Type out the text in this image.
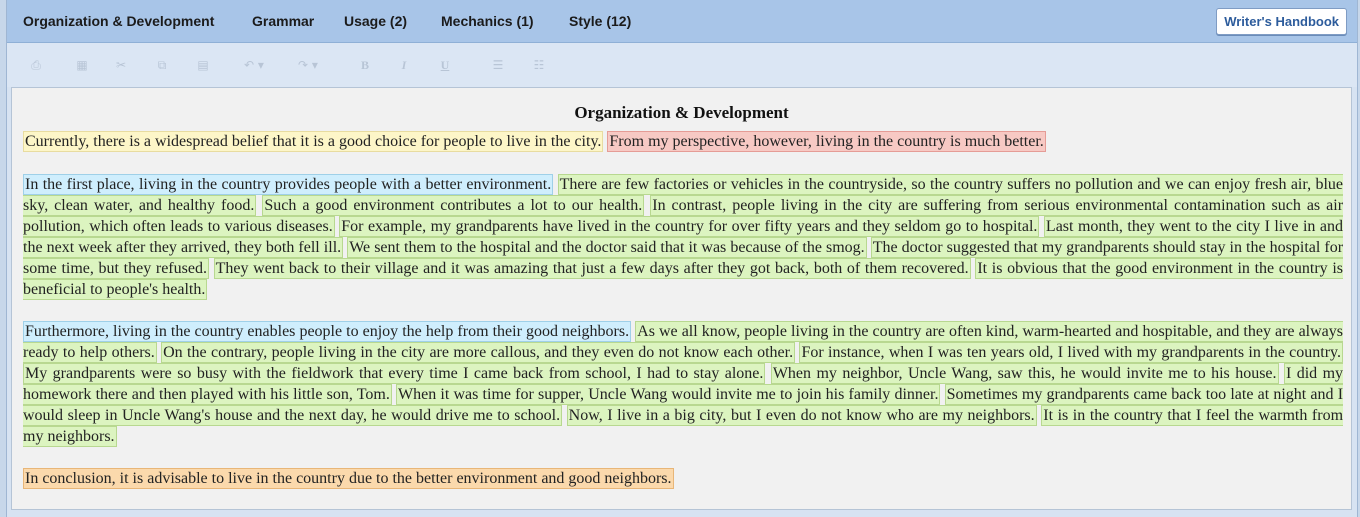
Organization & Development	Grammar Usage (2) Mechanics (1)	Style (12)	Writer's Handbook
⎙	▦	✂	⧉	▤	↶ ▾	↷ ▾	B	I	U	☰	☷
Organization & Development

Currently, there is a widespread belief that it is a good choice for people to live in the city. From my perspective, however, living in the country is much better.

In the first place, living in the country provides people with a better environment. There are few factories or vehicles in the countryside, so the country suffers no pollution and we can enjoy fresh air, blue sky, clean water, and healthy food. Such a good environment contributes a lot to our health. In contrast, people living in the city are suffering from serious environmental contamination such as air pollution, which often leads to various diseases. For example, my grandparents have lived in the country for over fifty years and they seldom go to hospital. Last month, they went to the city I live in and the next week after they arrived, they both fell ill. We sent them to the hospital and the doctor said that it was because of the smog. The doctor suggested that my grandparents should stay in the hospital for some time, but they refused. They went back to their village and it was amazing that just a few days after they got back, both of them recovered. It is obvious that the good environment in the country is beneficial to people's health.

Furthermore, living in the country enables people to enjoy the help from their good neighbors. As we all know, people living in the country are often kind, warm-hearted and hospitable, and they are always ready to help others. On the contrary, people living in the city are more callous, and they even do not know each other. For instance, when I was ten years old, I lived with my grandparents in the country. My grandparents were so busy with the fieldwork that every time I came back from school, I had to stay alone. When my neighbor, Uncle Wang, saw this, he would invite me to his house. I did my homework there and then played with his little son, Tom. When it was time for supper, Uncle Wang would invite me to join his family dinner. Sometimes my grandparents came back too late at night and I would sleep in Uncle Wang's house and the next day, he would drive me to school. Now, I live in a big city, but I even do not know who are my neighbors. It is in the country that I feel the warmth from my neighbors.

In conclusion, it is advisable to live in the country due to the better environment and good neighbors.
